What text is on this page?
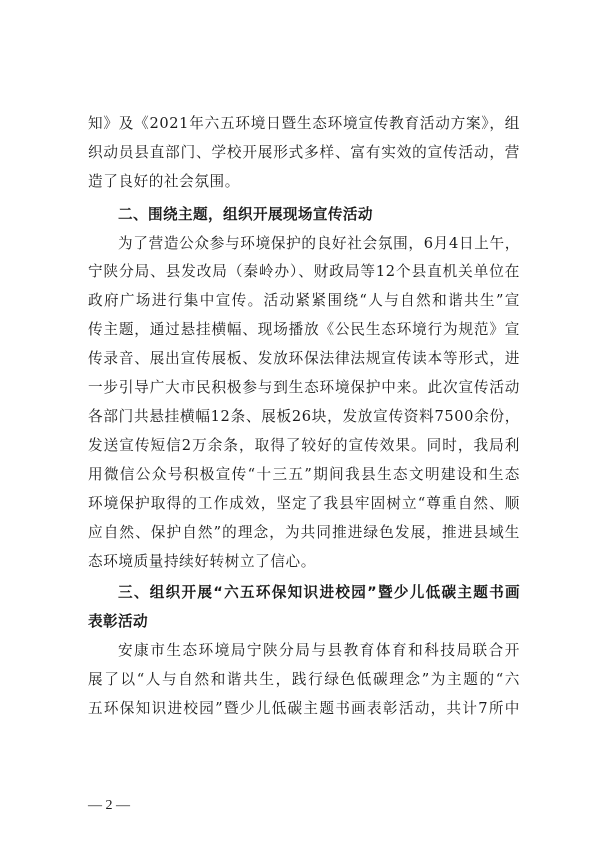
知》及《2021年六五环境日暨生态环境宣传教育活动方案》，组
织动员县直部门、学校开展形式多样、富有实效的宣传活动，营
造了良好的社会氛围。
二、围绕主题，组织开展现场宣传活动
为了营造公众参与环境保护的良好社会氛围，6月4日上午，
宁陕分局、县发改局（秦岭办）、财政局等12个县直机关单位在
政府广场进行集中宣传。活动紧紧围绕“人与自然和谐共生”宣
传主题，通过悬挂横幅、现场播放《公民生态环境行为规范》宣
传录音、展出宣传展板、发放环保法律法规宣传读本等形式，进
一步引导广大市民积极参与到生态环境保护中来。此次宣传活动
各部门共悬挂横幅12条、展板26块，发放宣传资料7500余份，
发送宣传短信2万余条，取得了较好的宣传效果。同时，我局利
用微信公众号积极宣传“十三五”期间我县生态文明建设和生态
环境保护取得的工作成效，坚定了我县牢固树立“尊重自然、顺
应自然、保护自然”的理念，为共同推进绿色发展，推进县域生
态环境质量持续好转树立了信心。
三、组织开展“六五环保知识进校园”暨少儿低碳主题书画
表彰活动
安康市生态环境局宁陕分局与县教育体育和科技局联合开
展了以“人与自然和谐共生，践行绿色低碳理念”为主题的“六
五环保知识进校园”暨少儿低碳主题书画表彰活动，共计7所中
— 2 —
